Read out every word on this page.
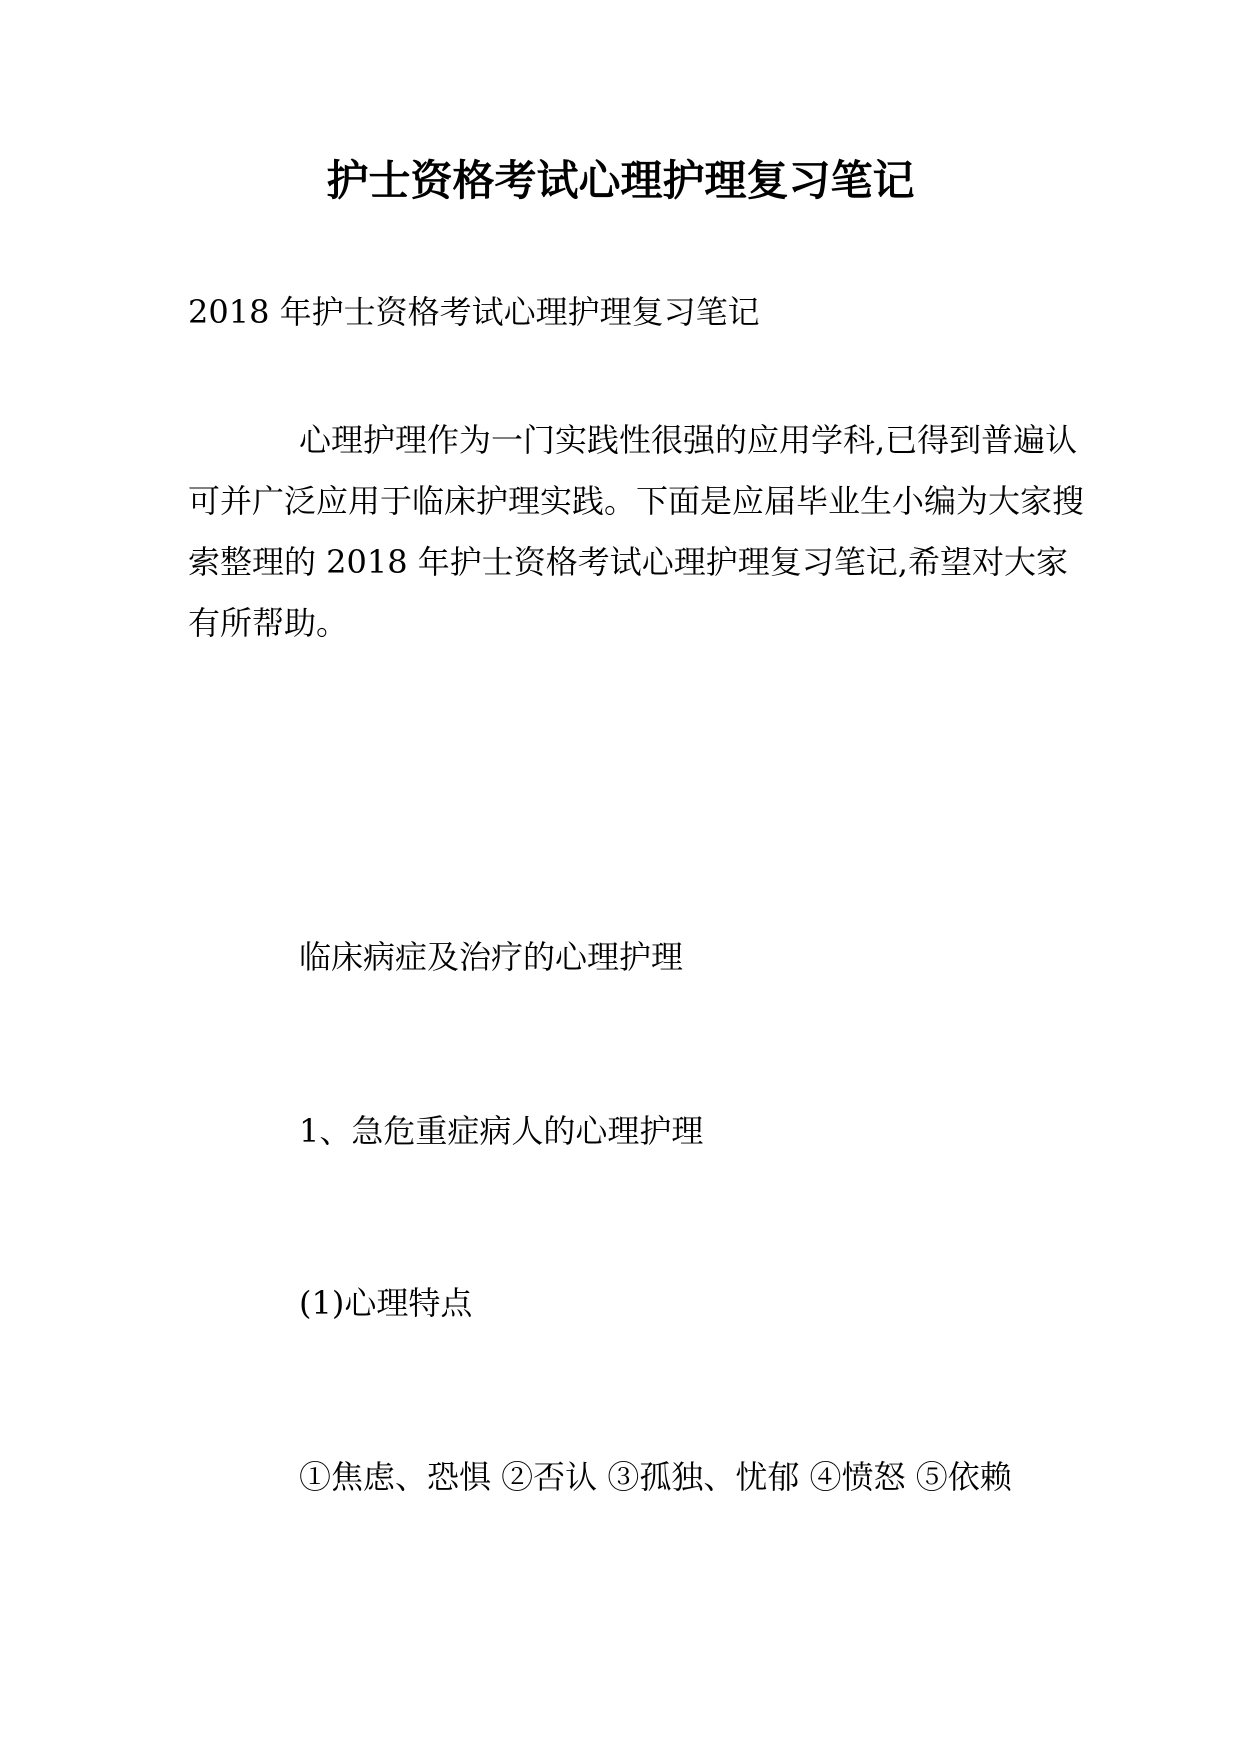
护士资格考试心理护理复习笔记
2018 年护士资格考试心理护理复习笔记
心理护理作为一门实践性很强的应用学科,已得到普遍认可并广泛应用于临床护理实践。下面是应届毕业生小编为大家搜索整理的 2018 年护士资格考试心理护理复习笔记,希望对大家有所帮助。
临床病症及治疗的心理护理
1、急危重症病人的心理护理
(1)心理特点
①焦虑、恐惧 ②否认 ③孤独、忧郁 ④愤怒 ⑤依赖
